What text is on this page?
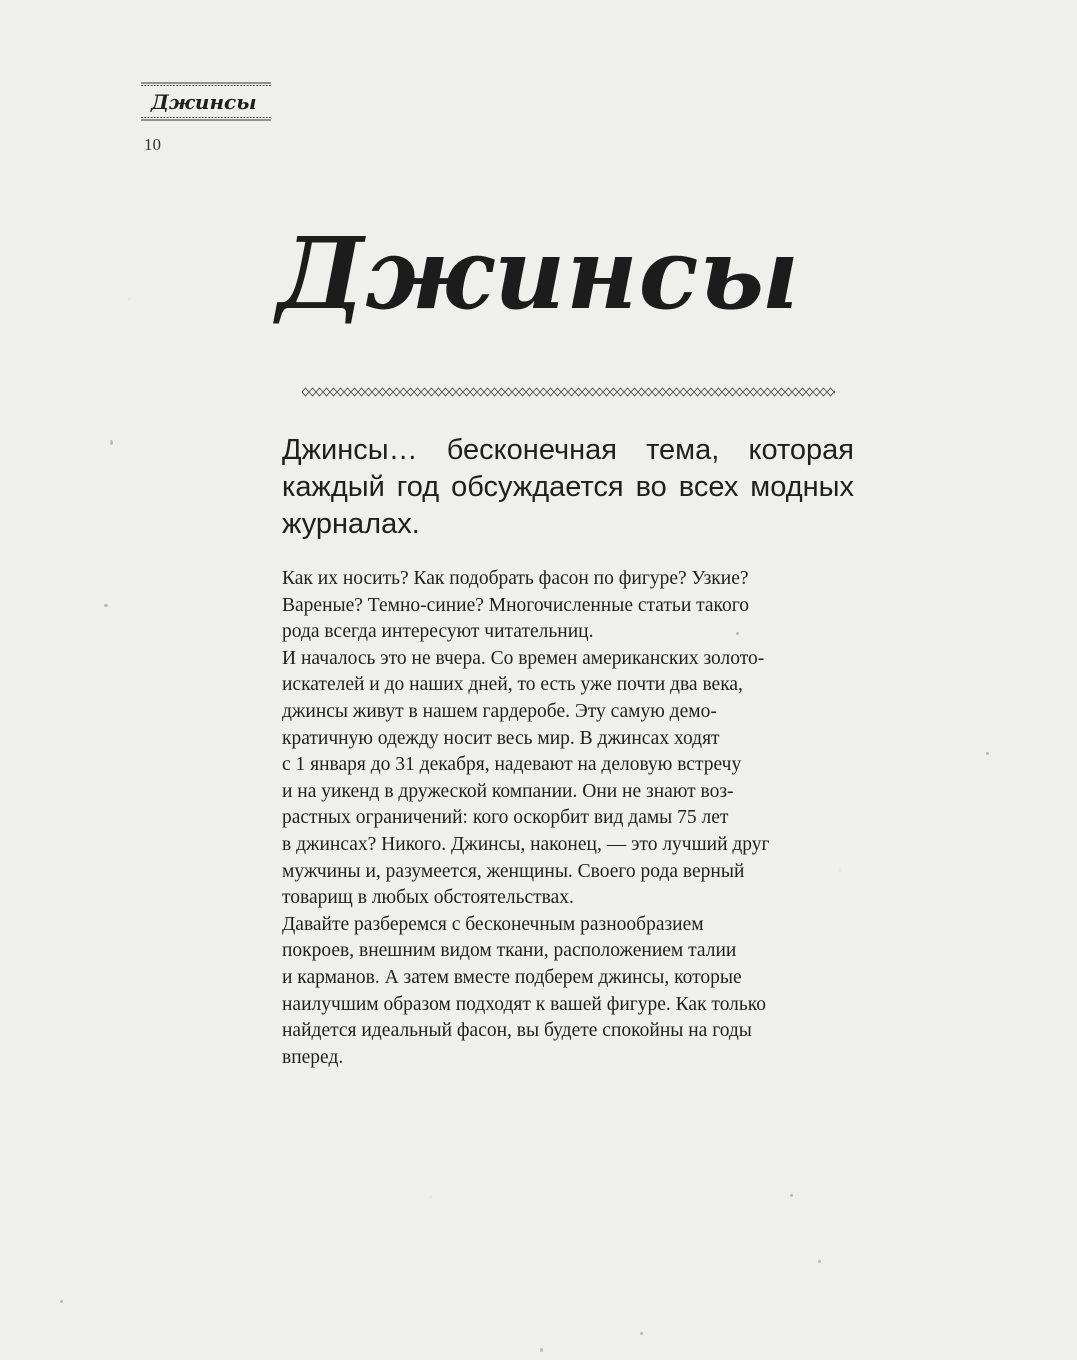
Джинсы
10
Джинсы

Джинсы… бесконечная тема, которая каждый год обсуждается во всех модных журналах.

Как их носить? Как подобрать фасон по фигуре? Узкие?
Вареные? Темно-синие? Многочисленные статьи такого
рода всегда интересуют читательниц.
И началось это не вчера. Со времен американских золото-
искателей и до наших дней, то есть уже почти два века,
джинсы живут в нашем гардеробе. Эту самую демо-
кратичную одежду носит весь мир. В джинсах ходят
с 1 января до 31 декабря, надевают на деловую встречу
и на уикенд в дружеской компании. Они не знают воз-
растных ограничений: кого оскорбит вид дамы 75 лет
в джинсах? Никого. Джинсы, наконец, — это лучший друг
мужчины и, разумеется, женщины. Своего рода верный
товарищ в любых обстоятельствах.
Давайте разберемся с бесконечным разнообразием
покроев, внешним видом ткани, расположением талии
и карманов. А затем вместе подберем джинсы, которые
наилучшим образом подходят к вашей фигуре. Как только
найдется идеальный фасон, вы будете спокойны на годы
вперед.
